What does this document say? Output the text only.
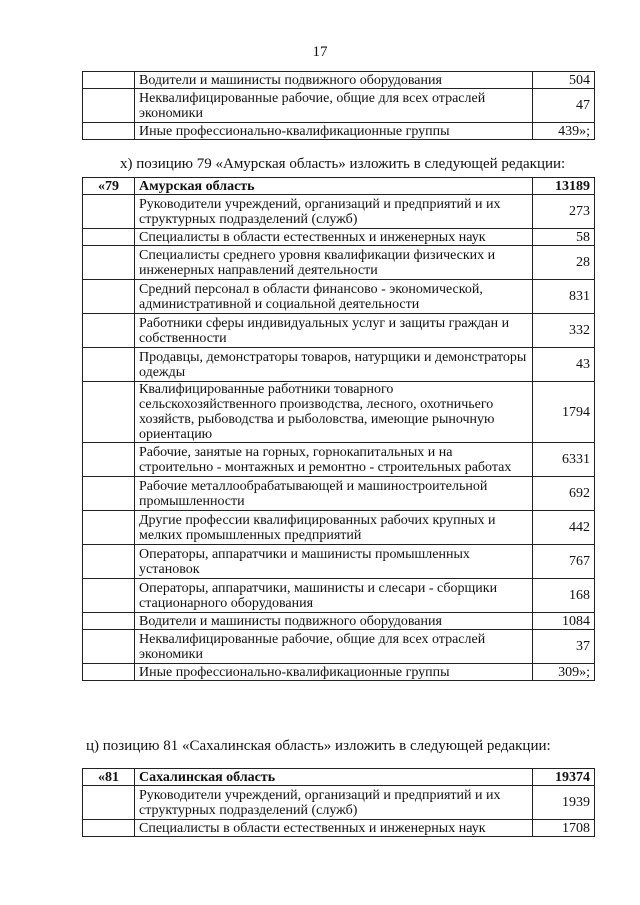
17
	Водители и машинисты подвижного оборудования	504
	Неквалифицированные рабочие, общие для всех отраслей экономики	47
	Иные профессионально-квалификационные группы	439»;
х) позицию 79 «Амурская область» изложить в следующей редакции:
«79	Амурская область	13189
	Руководители учреждений, организаций и предприятий и их структурных подразделений (служб)	273
	Специалисты в области естественных и инженерных наук	58
	Специалисты среднего уровня квалификации физических и инженерных направлений деятельности	28
	Средний персонал в области финансово - экономической, административной и социальной деятельности	831
	Работники сферы индивидуальных услуг и защиты граждан и собственности	332
	Продавцы, демонстраторы товаров, натурщики и демонстраторы одежды	43
	Квалифицированные работники товарного сельскохозяйственного производства, лесного, охотничьего хозяйств, рыбоводства и рыболовства, имеющие рыночную ориентацию	1794
	Рабочие, занятые на горных, горнокапитальных и на строительно - монтажных и ремонтно - строительных работах	6331
	Рабочие металлообрабатывающей и машиностроительной промышленности	692
	Другие профессии квалифицированных рабочих крупных и мелких промышленных предприятий	442
	Операторы, аппаратчики и машинисты промышленных установок	767
	Операторы, аппаратчики, машинисты и слесари - сборщики стационарного оборудования	168
	Водители и машинисты подвижного оборудования	1084
	Неквалифицированные рабочие, общие для всех отраслей экономики	37
	Иные профессионально-квалификационные группы	309»;
ц) позицию 81 «Сахалинская область» изложить в следующей редакции:
«81	Сахалинская область	19374
	Руководители учреждений, организаций и предприятий и их структурных подразделений (служб)	1939
	Специалисты в области естественных и инженерных наук	1708
